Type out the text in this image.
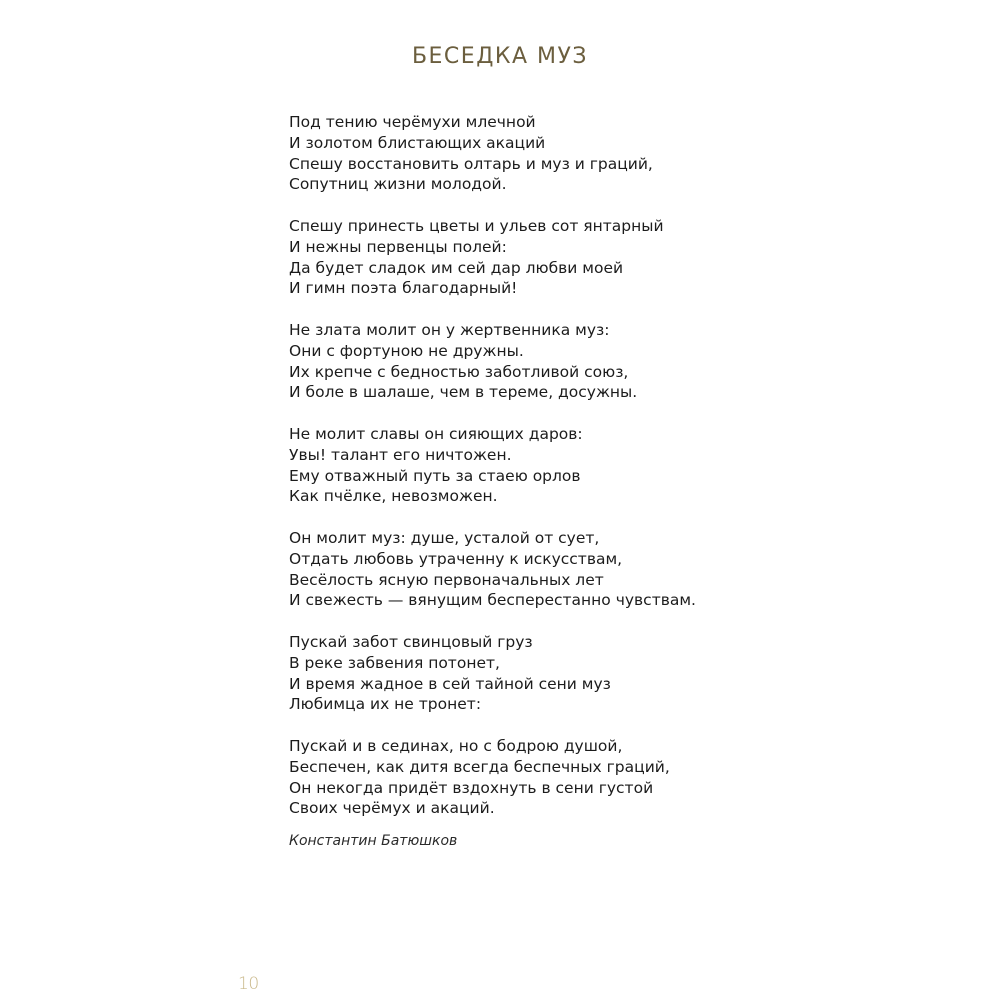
БЕСЕДКА МУЗ
Под тению черёмухи млечной
И золотом блистающих акаций
Спешу восстановить олтарь и муз и граций,
Сопутниц жизни молодой.
Спешу принесть цветы и ульев сот янтарный
И нежны первенцы полей:
Да будет сладок им сей дар любви моей
И гимн поэта благодарный!
Не злата молит он у жертвенника муз:
Они с фортуною не дружны.
Их крепче с бедностью заботливой союз,
И боле в шалаше, чем в тереме, досужны.
Не молит славы он сияющих даров:
Увы! талант его ничтожен.
Ему отважный путь за стаею орлов
Как пчёлке, невозможен.
Он молит муз: душе, усталой от сует,
Отдать любовь утраченну к искусствам,
Весёлость ясную первоначальных лет
И свежесть — вянущим бесперестанно чувствам.
Пускай забот свинцовый груз
В реке забвения потонет,
И время жадное в сей тайной сени муз
Любимца их не тронет:
Пускай и в сединах, но с бодрою душой,
Беспечен, как дитя всегда беспечных граций,
Он некогда придёт вздохнуть в сени густой
Своих черёмух и акаций.
Константин Батюшков
10
